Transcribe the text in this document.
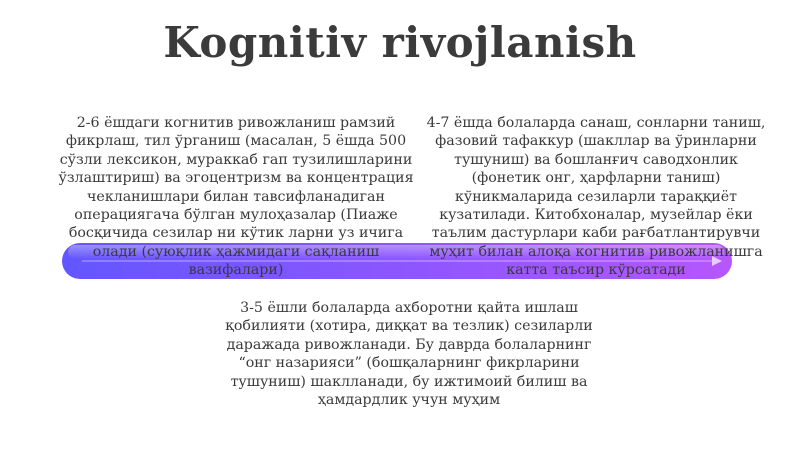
Kognitiv rivojlanish

2-6 ёшдаги когнитив ривожланиш рамзий фикрлаш, тил ўрганиш (масалан, 5 ёшда 500 сўзли лексикон, мураккаб гап тузилишларини ўзлаштириш) ва эгоцентризм ва концентрация чекланишлари билан тавсифланадиган операциягача бўлган мулоҳазалар (Пиаже босқичида сезилар ни кўтик ларни уз ичига олади (суюқлик ҳажмидаги сақланиш вазифалари)

4-7 ёшда болаларда санаш, сонларни таниш, фазовий тафаккур (шакллар ва ўринларни тушуниш) ва бошланғич саводхонлик (фонетик онг, ҳарфларни таниш) кўникмаларида сезиларли тараққиёт кузатилади. Китобхоналар, музейлар ёки таълим дастурлари каби рағбатлантирувчи муҳит билан алоқа когнитив ривожланишга катта таъсир кўрсатади

3-5 ёшли болаларда ахборотни қайта ишлаш қобилияти (хотира, диққат ва тезлик) сезиларли даражада ривожланади. Бу даврда болаларнинг “онг назарияси” (бошқаларнинг фикрларини тушуниш) шаклланади, бу ижтимоий билиш ва ҳамдардлик учун муҳим
